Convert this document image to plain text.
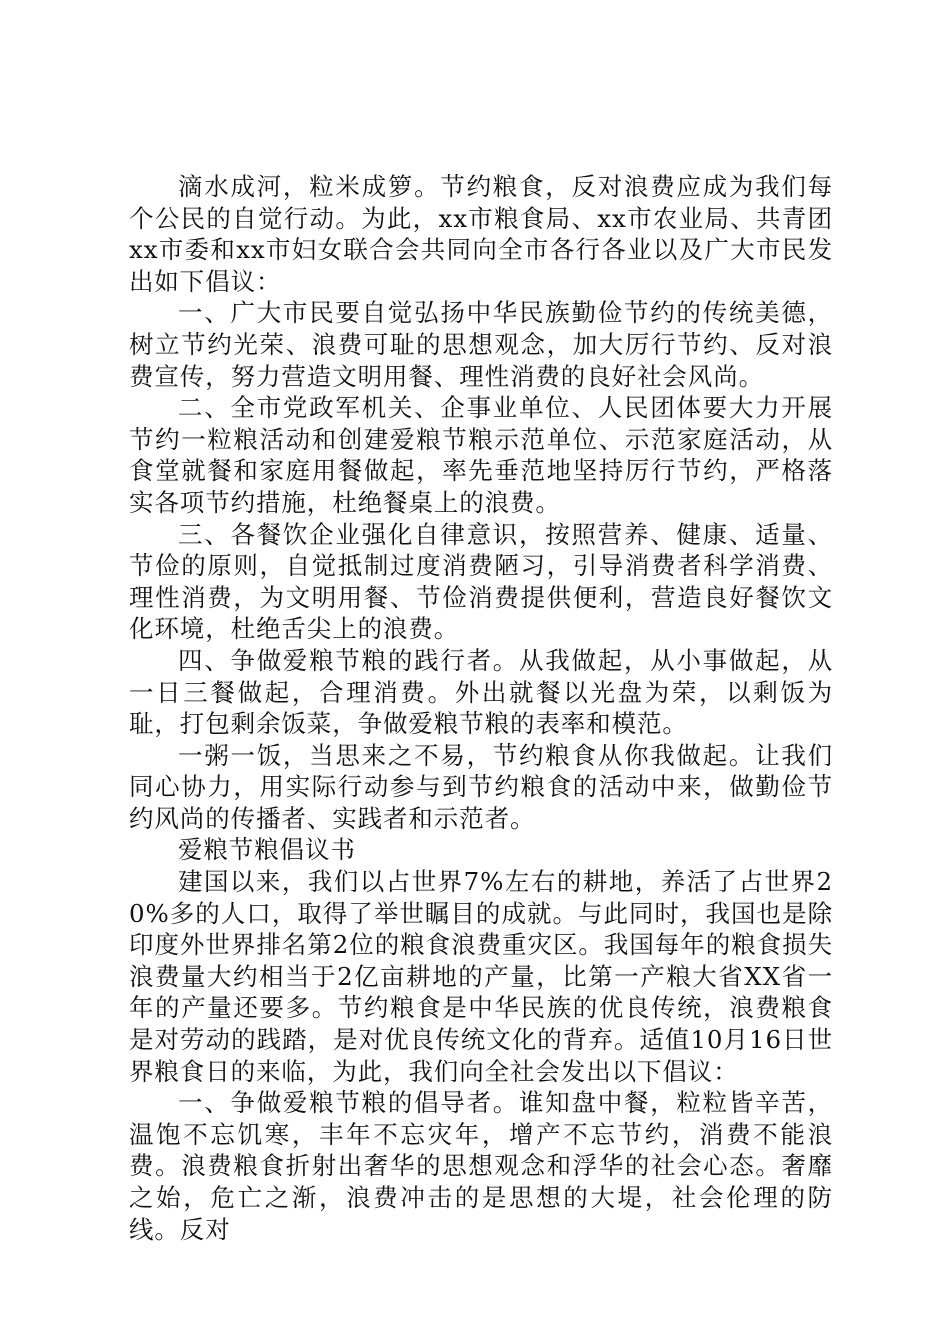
滴水成河，粒米成箩。节约粮食，反对浪费应成为我们每个公民的自觉行动。为此，xx市粮食局、xx市农业局、共青团xx市委和xx市妇女联合会共同向全市各行各业以及广大市民发出如下倡议：

一、广大市民要自觉弘扬中华民族勤俭节约的传统美德，树立节约光荣、浪费可耻的思想观念，加大厉行节约、反对浪费宣传，努力营造文明用餐、理性消费的良好社会风尚。

二、全市党政军机关、企事业单位、人民团体要大力开展节约一粒粮活动和创建爱粮节粮示范单位、示范家庭活动，从食堂就餐和家庭用餐做起，率先垂范地坚持厉行节约，严格落实各项节约措施，杜绝餐桌上的浪费。

三、各餐饮企业强化自律意识，按照营养、健康、适量、节俭的原则，自觉抵制过度消费陋习，引导消费者科学消费、理性消费，为文明用餐、节俭消费提供便利，营造良好餐饮文化环境，杜绝舌尖上的浪费。

四、争做爱粮节粮的践行者。从我做起，从小事做起，从一日三餐做起，合理消费。外出就餐以光盘为荣，以剩饭为耻，打包剩余饭菜，争做爱粮节粮的表率和模范。

一粥一饭，当思来之不易，节约粮食从你我做起。让我们同心协力，用实际行动参与到节约粮食的活动中来，做勤俭节约风尚的传播者、实践者和示范者。

爱粮节粮倡议书

建国以来，我们以占世界7%左右的耕地，养活了占世界20%多的人口，取得了举世瞩目的成就。与此同时，我国也是除印度外世界排名第2位的粮食浪费重灾区。我国每年的粮食损失浪费量大约相当于2亿亩耕地的产量，比第一产粮大省XX省一年的产量还要多。节约粮食是中华民族的优良传统，浪费粮食是对劳动的践踏，是对优良传统文化的背弃。适值10月16日世界粮食日的来临，为此，我们向全社会发出以下倡议：

一、争做爱粮节粮的倡导者。谁知盘中餐，粒粒皆辛苦，温饱不忘饥寒，丰年不忘灾年，增产不忘节约，消费不能浪费。浪费粮食折射出奢华的思想观念和浮华的社会心态。奢靡之始，危亡之渐，浪费冲击的是思想的大堤，社会伦理的防线。反对
